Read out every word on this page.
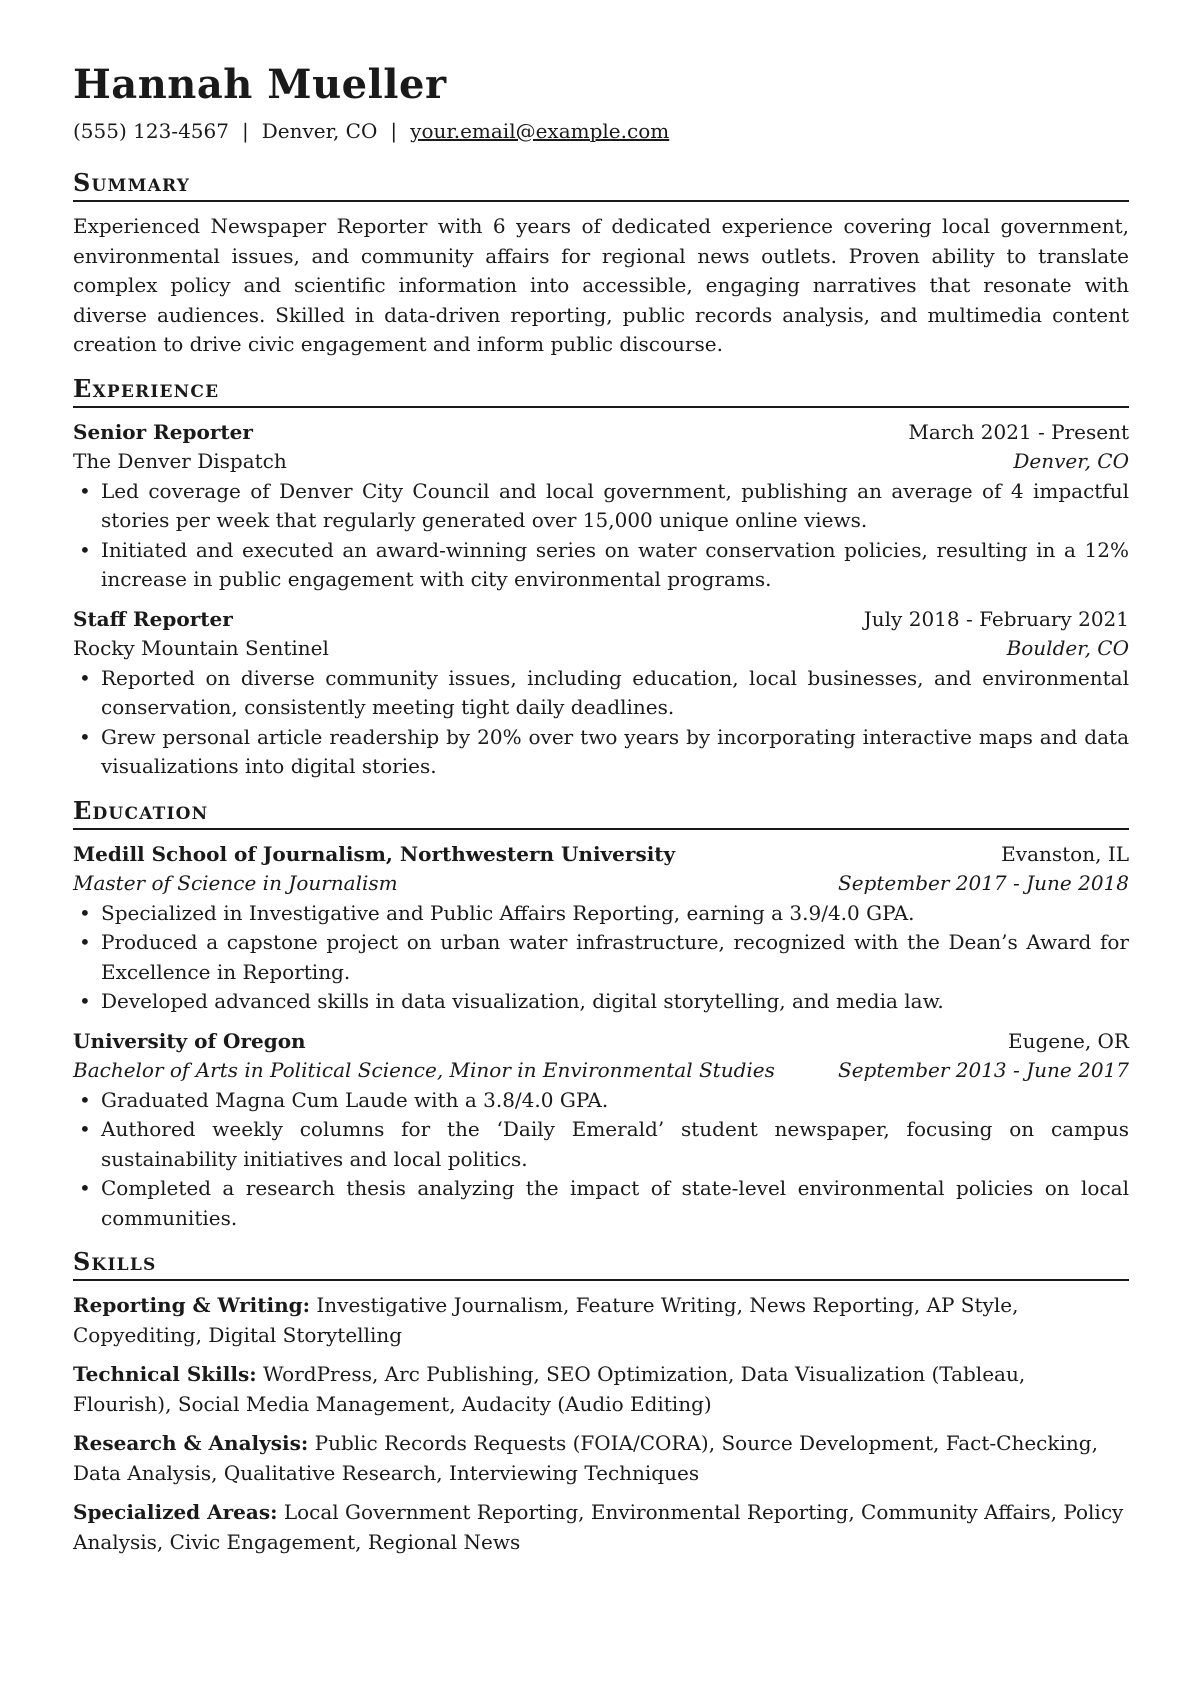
Hannah Mueller
(555) 123-4567 | Denver, CO | your.email@example.com
Summary
Experienced Newspaper Reporter with 6 years of dedicated experience covering local government, environmental issues, and community affairs for regional news outlets. Proven ability to translate complex policy and scientific information into accessible, engaging narratives that resonate with diverse audiences. Skilled in data-driven reporting, public records analysis, and multimedia content creation to drive civic engagement and inform public discourse.
Experience
Senior Reporter	March 2021 - Present
The Denver Dispatch	Denver, CO
• Led coverage of Denver City Council and local government, publishing an average of 4 impactful stories per week that regularly generated over 15,000 unique online views.
• Initiated and executed an award-winning series on water conservation policies, resulting in a 12% increase in public engagement with city environmental programs.
Staff Reporter	July 2018 - February 2021
Rocky Mountain Sentinel	Boulder, CO
• Reported on diverse community issues, including education, local businesses, and environmental conservation, consistently meeting tight daily deadlines.
• Grew personal article readership by 20% over two years by incorporating interactive maps and data visualizations into digital stories.
Education
Medill School of Journalism, Northwestern University	Evanston, IL
Master of Science in Journalism	September 2017 - June 2018
• Specialized in Investigative and Public Affairs Reporting, earning a 3.9/4.0 GPA.
• Produced a capstone project on urban water infrastructure, recognized with the Dean’s Award for Excellence in Reporting.
• Developed advanced skills in data visualization, digital storytelling, and media law.
University of Oregon	Eugene, OR
Bachelor of Arts in Political Science, Minor in Environmental Studies	September 2013 - June 2017
• Graduated Magna Cum Laude with a 3.8/4.0 GPA.
• Authored weekly columns for the ‘Daily Emerald’ student newspaper, focusing on campus sustainability initiatives and local politics.
• Completed a research thesis analyzing the impact of state-level environmental policies on local communities.
Skills
Reporting & Writing: Investigative Journalism, Feature Writing, News Reporting, AP Style, Copyediting, Digital Storytelling
Technical Skills: WordPress, Arc Publishing, SEO Optimization, Data Visualization (Tableau, Flourish), Social Media Management, Audacity (Audio Editing)
Research & Analysis: Public Records Requests (FOIA/CORA), Source Development, Fact-Checking, Data Analysis, Qualitative Research, Interviewing Techniques
Specialized Areas: Local Government Reporting, Environmental Reporting, Community Affairs, Policy Analysis, Civic Engagement, Regional News
